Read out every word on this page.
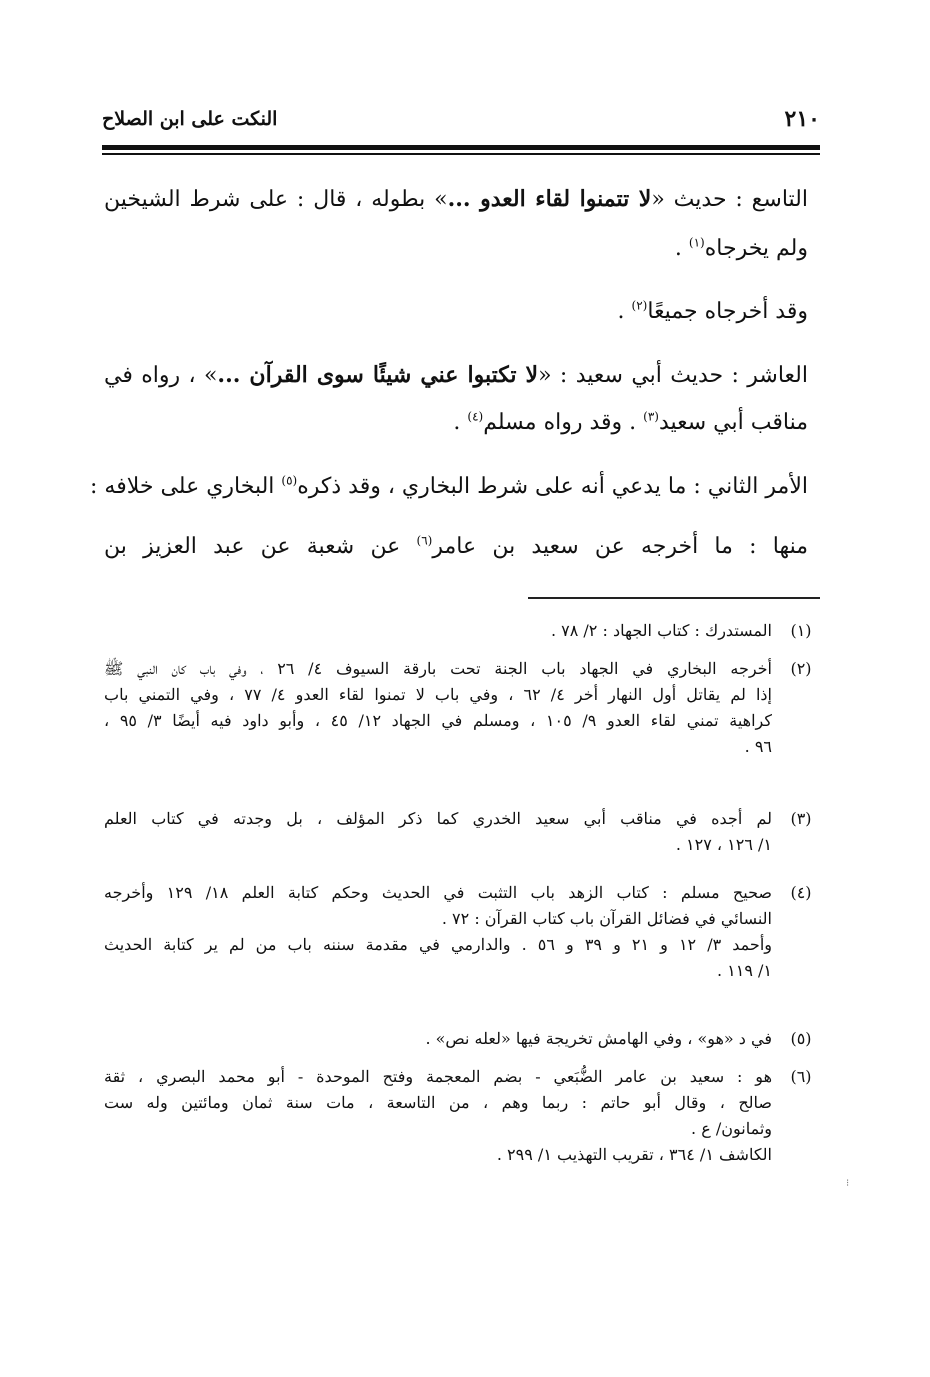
٢١٠
النكت على ابن الصلاح
التاسع : حديث «لا تتمنوا لقاء العدو ...» بطوله ، قال : على شرط الشيخين
ولم يخرجاه$^{(١)}$ .
وقد أخرجاه جميعًا$^{(٢)}$ .
العاشر : حديث أبي سعيد : «لا تكتبوا عني شيئًا سوى القرآن ...» ، رواه في
مناقب أبي سعيد$^{(٣)}$ . وقد رواه مسلم$^{(٤)}$ .
الأمر الثاني : ما يدعي أنه على شرط البخاري ، وقد ذكره$^{(٥)}$ البخاري على خلافه :
منها : ما أخرجه عن سعيد بن عامر$^{(٦)}$ عن شعبة عن عبد العزيز بن
(١)

المستدرك : كتاب الجهاد : ٢/ ٧٨ .

(٢)

أخرجه البخاري في الجهاد باب الجنة تحت بارقة السيوف ٤/ ٢٦ ، وفي باب كان النبي ﷺ

إذا لم يقاتل أول النهار أخر ٤/ ٦٢ ، وفي باب لا تمنوا لقاء العدو ٤/ ٧٧ ، وفي التمني باب

كراهية تمني لقاء العدو ٩/ ١٠٥ ، ومسلم في الجهاد ١٢/ ٤٥ ، وأبو داود فيه أيضًا ٣/ ٩٥ ،

٩٦ .

(٣)

لم أجده في مناقب أبي سعيد الخدري كما ذكر المؤلف ، بل وجدته في كتاب العلم

١/ ١٢٦ ، ١٢٧ .

(٤)

صحيح مسلم : كتاب الزهد باب التثبت في الحديث وحكم كتابة العلم ١٨/ ١٢٩ وأخرجه

النسائي في فضائل القرآن باب كتاب القرآن : ٧٢ .

وأحمد ٣/ ١٢ و ٢١ و ٣٩ و ٥٦ . والدارمي في مقدمة سننه باب من لم ير كتابة الحديث

١/ ١١٩ .

(٥)

في د «هو» ، وفي الهامش تخريجة فيها «لعله نص» .

(٦)

هو : سعيد بن عامر الضُّبَعي - بضم المعجمة وفتح الموحدة - أبو محمد البصري ، ثقة

صالح ، وقال أبو حاتم : ربما وهم ، من التاسعة ، مات سنة ثمان ومائتين وله ست

وثمانون/ ع .

الكاشف ١/ ٣٦٤ ، تقريب التهذيب ١/ ٢٩٩ .

⁝
